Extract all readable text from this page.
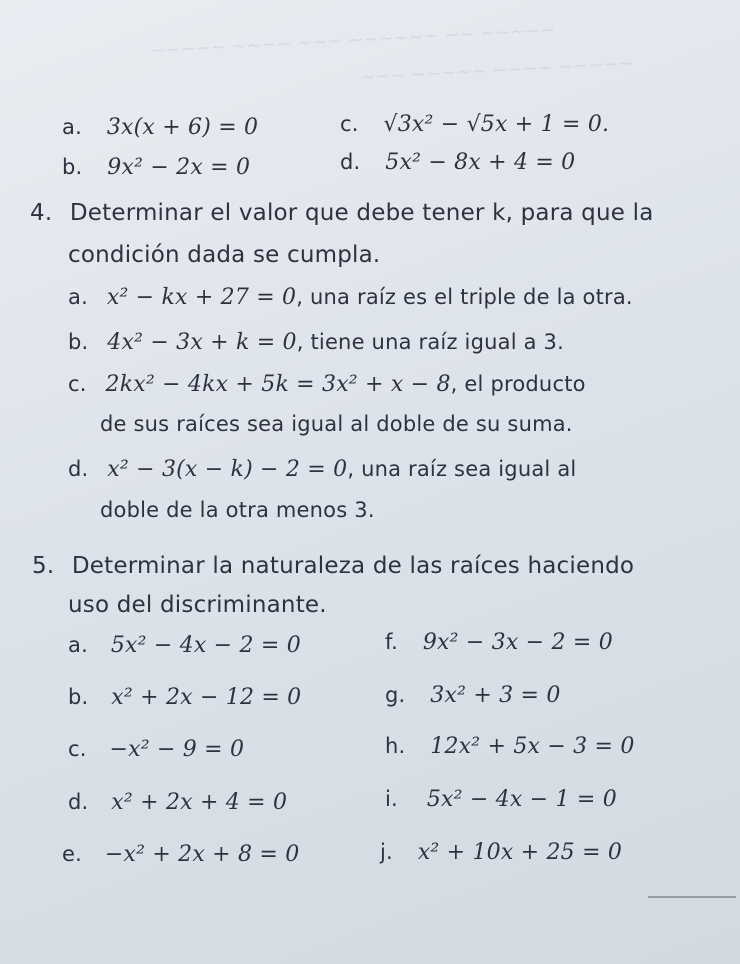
~~~~~ ~~~~ ~~~ ~~~~~~ ~~ ~~~~~
~~~ ~~~~~ ~~~~ ~~~~~
a. 3x(x + 6) = 0	c. √3x² − √5x + 1 = 0.
b. 9x² − 2x = 0	d. 5x² − 8x + 4 = 0
4. Determinar el valor que debe tener k, para que la
condición dada se cumpla.
a. x² − kx + 27 = 0, una raíz es el triple de la otra.
b. 4x² − 3x + k = 0, tiene una raíz igual a 3.
c. 2kx² − 4kx + 5k = 3x² + x − 8, el producto
de sus raíces sea igual al doble de su suma.
d. x² − 3(x − k) − 2 = 0, una raíz sea igual al
doble de la otra menos 3.
5. Determinar la naturaleza de las raíces haciendo
uso del discriminante.
a. 5x² − 4x − 2 = 0	f. 9x² − 3x − 2 = 0
b. x² + 2x − 12 = 0	g. 3x² + 3 = 0
c. −x² − 9 = 0	h. 12x² + 5x − 3 = 0
d. x² + 2x + 4 = 0	i. 5x² − 4x − 1 = 0
e. −x² + 2x + 8 = 0	j. x² + 10x + 25 = 0
